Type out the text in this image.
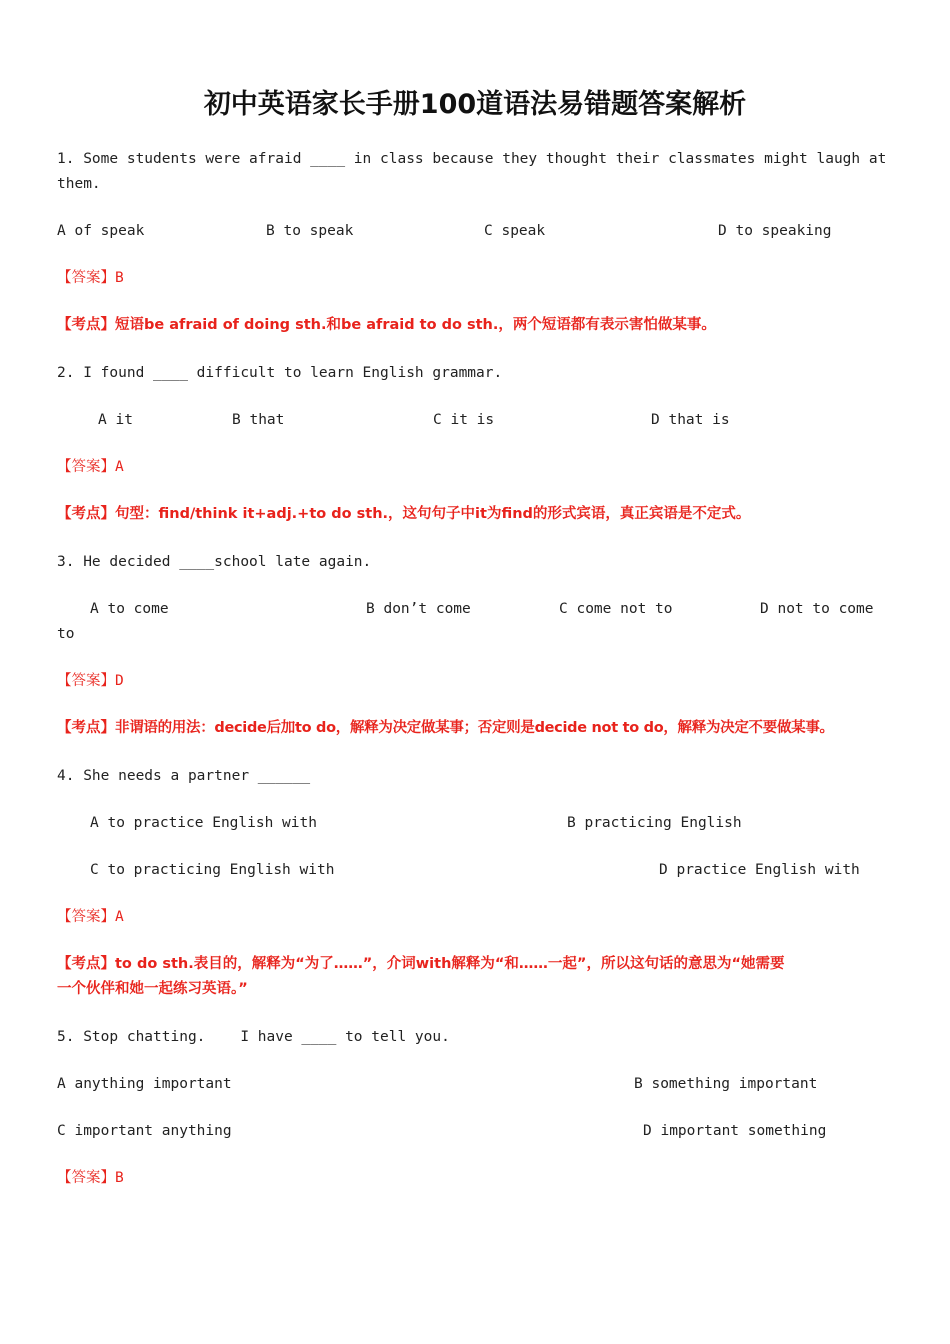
初中英语家长手册100道语法易错题答案解析
1. Some students were afraid ____ in class because they thought their classmates might laugh at
them.
A of speak	B to speak	C speak	D to speaking
【答案】B
【考点】短语be afraid of doing sth.和be afraid to do sth.，两个短语都有表示害怕做某事。
2. I found ____ difficult to learn English grammar.
A it	B that	C it is	D that is
【答案】A
【考点】句型：find/think it+adj.+to do sth.，这句句子中it为find的形式宾语，真正宾语是不定式。
3. He decided ____school late again.
A to come	B don’t come	C come not to	D not to come
to
【答案】D
【考点】非谓语的用法：decide后加to do，解释为决定做某事；否定则是decide not to do，解释为决定不要做某事。
4. She needs a partner ______
A to practice English with	B practicing English
C to practicing English with	D practice English with
【答案】A
【考点】to do sth.表目的，解释为“为了……”，介词with解释为“和……一起”，所以这句话的意思为“她需要
一个伙伴和她一起练习英语。”
5. Stop chatting.    I have ____ to tell you.
A anything important	B something important
C important anything	D important something
【答案】B
